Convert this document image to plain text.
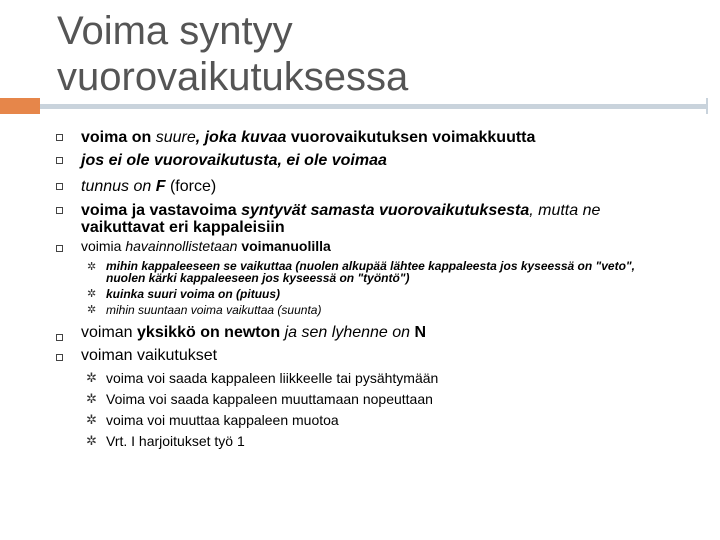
Voima syntyy
vuorovaikutuksessa
voima on suure, joka kuvaa vuorovaikutuksen voimakkuutta
jos ei ole vuorovaikutusta, ei ole voimaa
tunnus on F (force)
voima ja vastavoima syntyvät samasta vuorovaikutuksesta, mutta ne
vaikuttavat eri kappaleisiin
voimia havainnollistetaan voimanuolilla
✲ mihin kappaleeseen se vaikuttaa (nuolen alkupää lähtee kappaleesta jos kyseessä on "veto",
nuolen kärki kappaleeseen jos kyseessä on "työntö")
✲ kuinka suuri voima on (pituus)
✲ mihin suuntaan voima vaikuttaa (suunta)
voiman yksikkö on newton ja sen lyhenne on N
voiman vaikutukset
✲ voima voi saada kappaleen liikkeelle tai pysähtymään
✲ Voima voi saada kappaleen muuttamaan nopeuttaan
✲ voima voi muuttaa kappaleen muotoa
✲ Vrt. I harjoitukset työ 1
